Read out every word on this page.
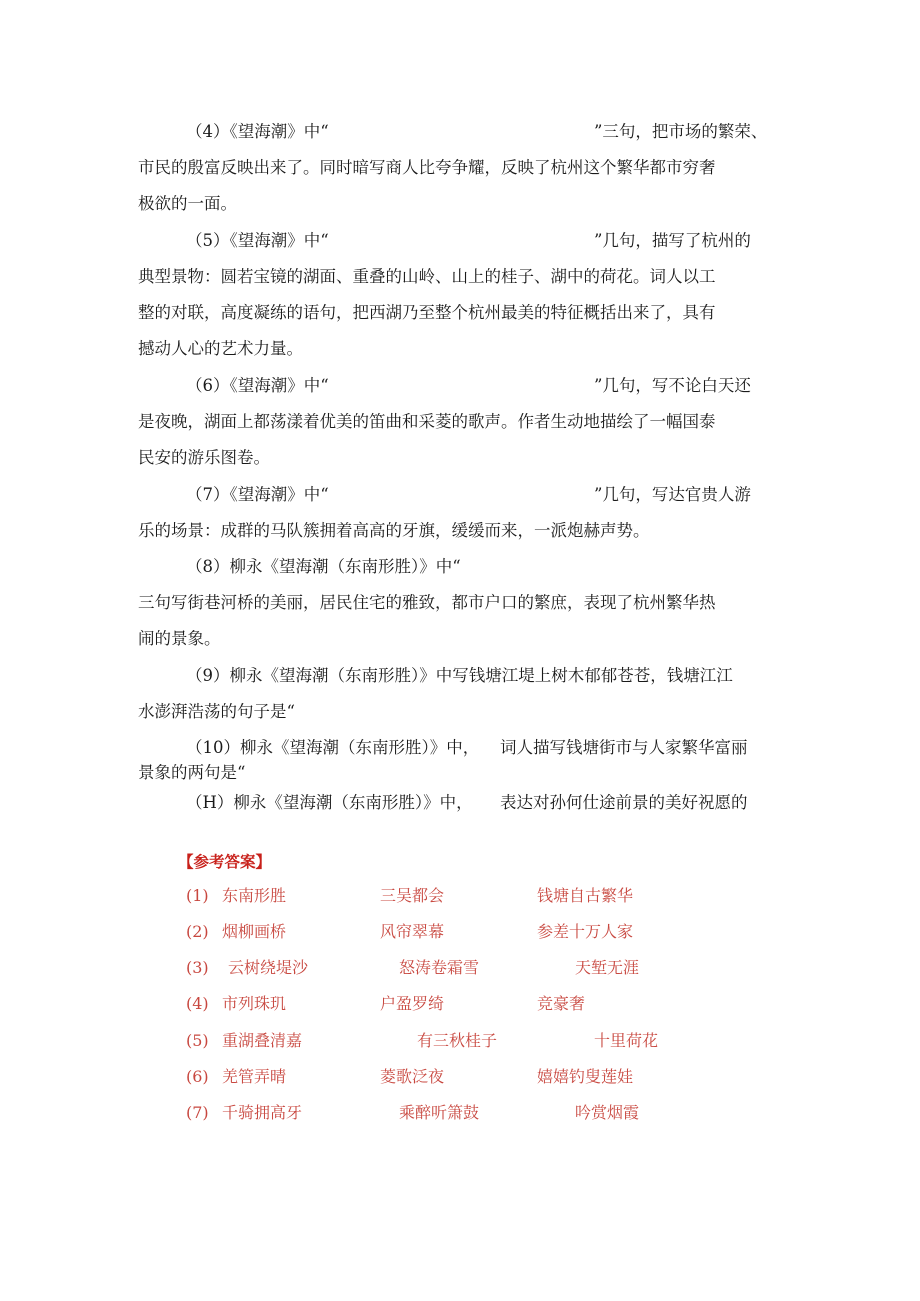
（4）《望海潮》中“	”三句，把市场的繁荣、
市民的殷富反映出来了。同时暗写商人比夸争耀，反映了杭州这个繁华都市穷奢
极欲的一面。
（5）《望海潮》中“	”几句，描写了杭州的
典型景物：圆若宝镜的湖面、重叠的山岭、山上的桂子、湖中的荷花。词人以工
整的对联，高度凝练的语句，把西湖乃至整个杭州最美的特征概括出来了，具有
撼动人心的艺术力量。
（6）《望海潮》中“	”几句，写不论白天还
是夜晚，湖面上都荡漾着优美的笛曲和采菱的歌声。作者生动地描绘了一幅国泰
民安的游乐图卷。
（7）《望海潮》中“	”几句，写达官贵人游
乐的场景：成群的马队簇拥着高高的牙旗，缓缓而来，一派炮赫声势。
（8）柳永《望海潮（东南形胜）》中“
三句写街巷河桥的美丽，居民住宅的雅致，都市户口的繁庶，表现了杭州繁华热
闹的景象。
（9）柳永《望海潮（东南形胜）》中写钱塘江堤上树木郁郁苍苍，钱塘江江
水澎湃浩荡的句子是“
（10）柳永《望海潮（东南形胜）》中， 词人描写钱塘街市与人家繁华富丽
景象的两句是“
（H）柳永《望海潮（东南形胜）》中， 表达对孙何仕途前景的美好祝愿的
【参考答案】
(1) 东南形胜	三吴都会	钱塘自古繁华
(2) 烟柳画桥	风帘翠幕	参差十万人家
(3) 云树绕堤沙	怒涛卷霜雪	天堑无涯
(4) 市列珠玑	户盈罗绮	竞豪奢
(5) 重湖叠清嘉	有三秋桂子	十里荷花
(6) 羌管弄晴	菱歌泛夜	嬉嬉钓叟莲娃
(7) 千骑拥高牙	乘醉听箫鼓	吟赏烟霞
